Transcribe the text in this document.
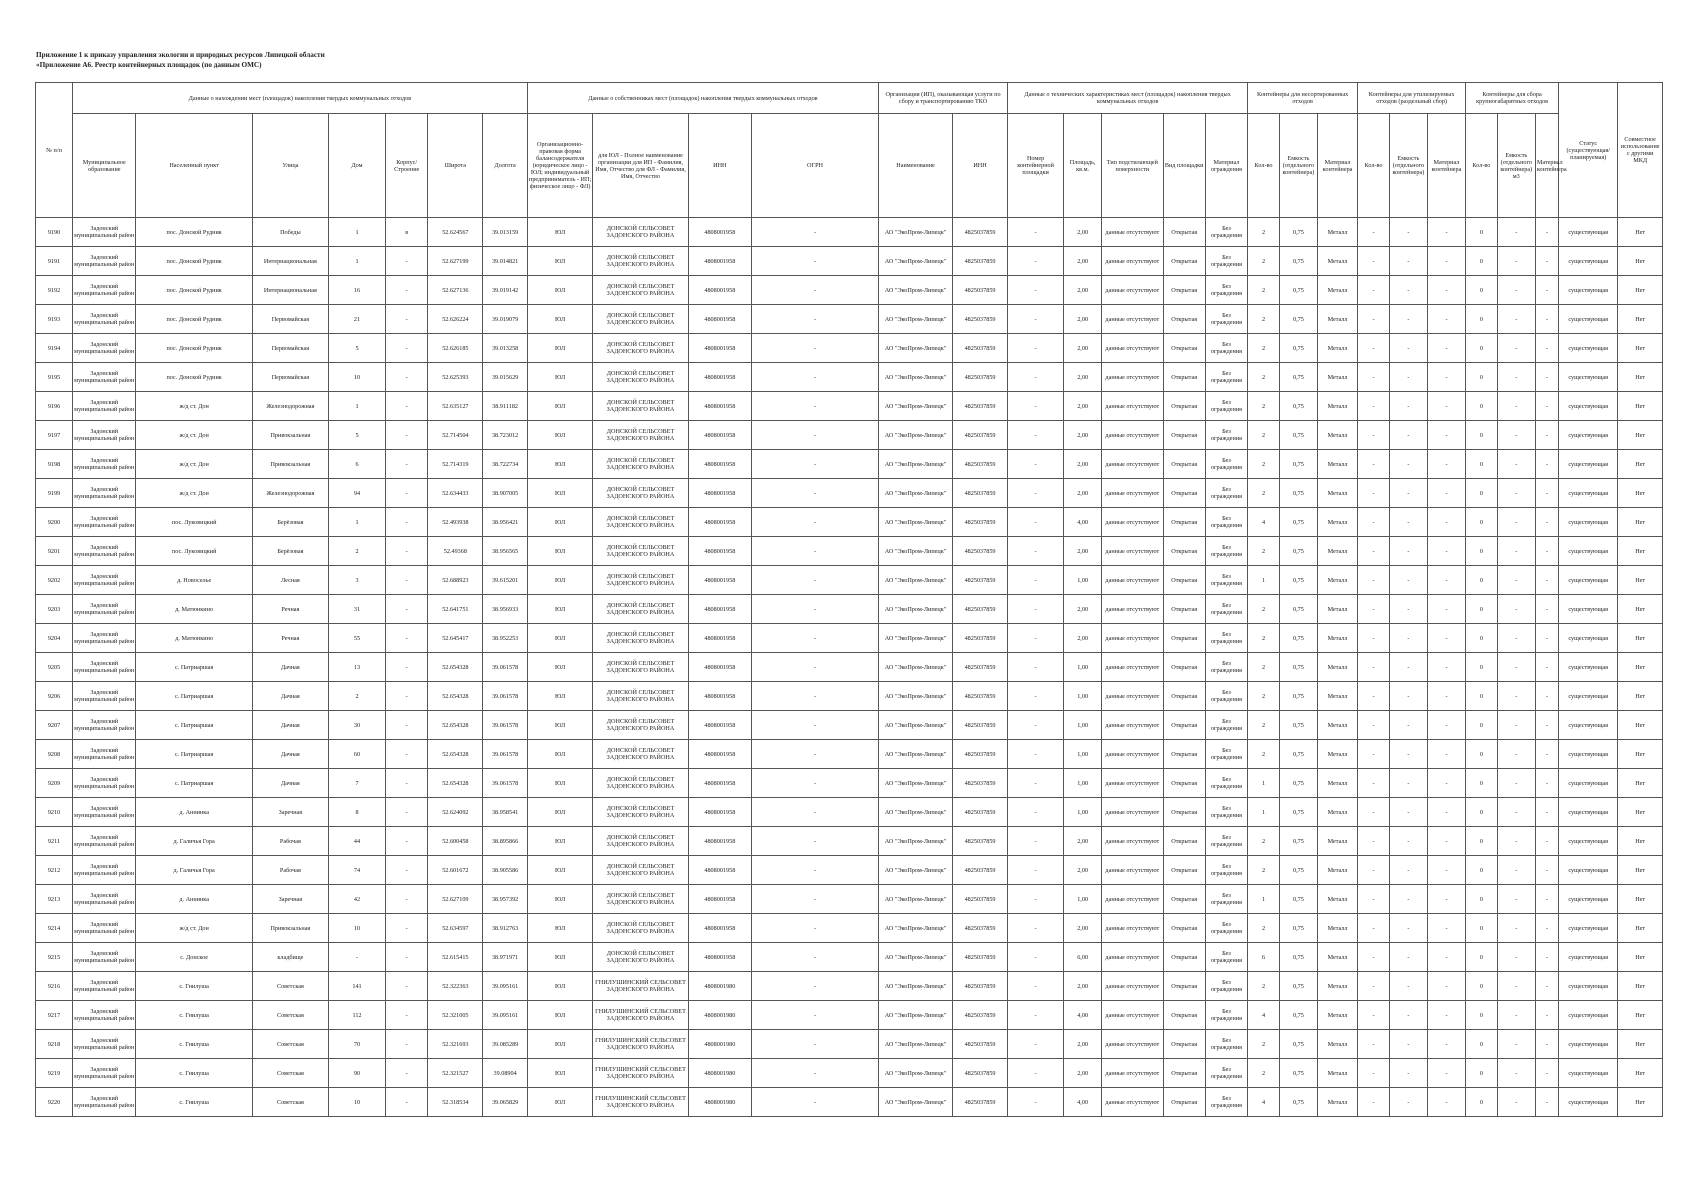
Приложение 1 к приказу управления экологии и природных ресурсов Липецкой области
«Приложение А6. Реестр контейнерных площадок (по данным ОМС)
№ п/п	Данные о нахождении мест (площадок) накопления твердых коммунальных отходов							Данные о собственниках мест (площадок) накопления твердых коммунальных отходов				Организация (ИП), оказывающая услуги по сбору и транспортированию ТКО		Данные о технических характеристиках мест (площадок) накопления твердых коммунальных отходов					Контейнеры для несортированных отходов			Контейнеры для утилизируемых отходов (раздельный сбор)			Контейнеры для сбора крупногабаритных отходов			Статус (существующая/ планируемая)	Совместное использование с другими МКД
	Муниципальное образование	Населенный пункт	Улица	Дом	Корпус/Строение	Широта	Долгота	Организационно-правовая форма балансодержателя (юридическое лицо - ЮЛ; индивидуальный предприниматель - ИП; физическое лицо - ФЛ)	для ЮЛ - Полное наименование организации для ИП - Фамилия, Имя, Отчество для ФЛ - Фамилия, Имя, Отчество	ИНН	ОГРН	Наименование	ИНН	Номер контейнерной площадки	Площадь, кв.м.	Тип подстилающей поверхности	Вид площадки	Материал ограждения	Кол-во	Емкость (отдельного контейнера)	Материал контейнера	Кол-во	Емкость (отдельного контейнера)	Материал контейнера	Кол-во	Емкость (отдельного контейнера) м3	Материал контейнера		
9190	Задонский муниципальный район	пос. Донской Рудник	Победы	1	в	52.624567	39.013159	ЮЛ	ДОНСКОЙ СЕЛЬСОВЕТ ЗАДОНСКОГО РАЙОНА	4808001958	-	АО "ЭкоПром-Липецк"	4825037859	-	2,00	данные отсутствуют	Открытая	Без ограждения	2	0,75	Металл	-	-	-	0	-	-	существующая	Нет
9191	Задонский муниципальный район	пос. Донской Рудник	Интернациональная	1	-	52.627199	39.014821	ЮЛ	ДОНСКОЙ СЕЛЬСОВЕТ ЗАДОНСКОГО РАЙОНА	4808001958	-	АО "ЭкоПром-Липецк"	4825037859	-	2,00	данные отсутствуют	Открытая	Без ограждения	2	0,75	Металл	-	-	-	0	-	-	существующая	Нет
9192	Задонский муниципальный район	пос. Донской Рудник	Интернациональная	16	-	52.627136	39.019142	ЮЛ	ДОНСКОЙ СЕЛЬСОВЕТ ЗАДОНСКОГО РАЙОНА	4808001958	-	АО "ЭкоПром-Липецк"	4825037859	-	2,00	данные отсутствуют	Открытая	Без ограждения	2	0,75	Металл	-	-	-	0	-	-	существующая	Нет
9193	Задонский муниципальный район	пос. Донской Рудник	Первомайская	21	-	52.626224	39.019079	ЮЛ	ДОНСКОЙ СЕЛЬСОВЕТ ЗАДОНСКОГО РАЙОНА	4808001958	-	АО "ЭкоПром-Липецк"	4825037859	-	2,00	данные отсутствуют	Открытая	Без ограждения	2	0,75	Металл	-	-	-	0	-	-	существующая	Нет
9194	Задонский муниципальный район	пос. Донской Рудник	Первомайская	5	-	52.626185	39.013258	ЮЛ	ДОНСКОЙ СЕЛЬСОВЕТ ЗАДОНСКОГО РАЙОНА	4808001958	-	АО "ЭкоПром-Липецк"	4825037859	-	2,00	данные отсутствуют	Открытая	Без ограждения	2	0,75	Металл	-	-	-	0	-	-	существующая	Нет
9195	Задонский муниципальный район	пос. Донской Рудник	Первомайская	10	-	52.625393	39.015629	ЮЛ	ДОНСКОЙ СЕЛЬСОВЕТ ЗАДОНСКОГО РАЙОНА	4808001958	-	АО "ЭкоПром-Липецк"	4825037859	-	2,00	данные отсутствуют	Открытая	Без ограждения	2	0,75	Металл	-	-	-	0	-	-	существующая	Нет
9196	Задонский муниципальный район	ж/д ст. Дон	Железнодорожная	1	-	52.635127	38.911182	ЮЛ	ДОНСКОЙ СЕЛЬСОВЕТ ЗАДОНСКОГО РАЙОНА	4808001958	-	АО "ЭкоПром-Липецк"	4825037859	-	2,00	данные отсутствуют	Открытая	Без ограждения	2	0,75	Металл	-	-	-	0	-	-	существующая	Нет
9197	Задонский муниципальный район	ж/д ст. Дон	Привокзальная	5	-	52.714504	38.723012	ЮЛ	ДОНСКОЙ СЕЛЬСОВЕТ ЗАДОНСКОГО РАЙОНА	4808001958	-	АО "ЭкоПром-Липецк"	4825037859	-	2,00	данные отсутствуют	Открытая	Без ограждения	2	0,75	Металл	-	-	-	0	-	-	существующая	Нет
9198	Задонский муниципальный район	ж/д ст. Дон	Привокзальная	6	-	52.714319	38.722734	ЮЛ	ДОНСКОЙ СЕЛЬСОВЕТ ЗАДОНСКОГО РАЙОНА	4808001958	-	АО "ЭкоПром-Липецк"	4825037859	-	2,00	данные отсутствуют	Открытая	Без ограждения	2	0,75	Металл	-	-	-	0	-	-	существующая	Нет
9199	Задонский муниципальный район	ж/д ст. Дон	Железнодорожная	94	-	52.634433	38.907005	ЮЛ	ДОНСКОЙ СЕЛЬСОВЕТ ЗАДОНСКОГО РАЙОНА	4808001958	-	АО "ЭкоПром-Липецк"	4825037859	-	2,00	данные отсутствуют	Открытая	Без ограждения	2	0,75	Металл	-	-	-	0	-	-	существующая	Нет
9200	Задонский муниципальный район	пос. Луковицкий	Берёзовая	1	-	52.493938	38.956421	ЮЛ	ДОНСКОЙ СЕЛЬСОВЕТ ЗАДОНСКОГО РАЙОНА	4808001958	-	АО "ЭкоПром-Липецк"	4825037859	-	4,00	данные отсутствуют	Открытая	Без ограждения	4	0,75	Металл	-	-	-	0	-	-	существующая	Нет
9201	Задонский муниципальный район	пос. Луковицкий	Берёзовая	2	-	52.49368	38.956565	ЮЛ	ДОНСКОЙ СЕЛЬСОВЕТ ЗАДОНСКОГО РАЙОНА	4808001958	-	АО "ЭкоПром-Липецк"	4825037859	-	2,00	данные отсутствуют	Открытая	Без ограждения	2	0,75	Металл	-	-	-	0	-	-	существующая	Нет
9202	Задонский муниципальный район	д. Новоселье	Лесная	3	-	52.688923	39.615201	ЮЛ	ДОНСКОЙ СЕЛЬСОВЕТ ЗАДОНСКОГО РАЙОНА	4808001958	-	АО "ЭкоПром-Липецк"	4825037859	-	1,00	данные отсутствуют	Открытая	Без ограждения	1	0,75	Металл	-	-	-	0	-	-	существующая	Нет
9203	Задонский муниципальный район	д. Матюнкино	Речная	31	-	52.641751	38.956933	ЮЛ	ДОНСКОЙ СЕЛЬСОВЕТ ЗАДОНСКОГО РАЙОНА	4808001958	-	АО "ЭкоПром-Липецк"	4825037859	-	2,00	данные отсутствуют	Открытая	Без ограждения	2	0,75	Металл	-	-	-	0	-	-	существующая	Нет
9204	Задонский муниципальный район	д. Матюнкино	Речная	55	-	52.645417	38.952253	ЮЛ	ДОНСКОЙ СЕЛЬСОВЕТ ЗАДОНСКОГО РАЙОНА	4808001958	-	АО "ЭкоПром-Липецк"	4825037859	-	2,00	данные отсутствуют	Открытая	Без ограждения	2	0,75	Металл	-	-	-	0	-	-	существующая	Нет
9205	Задонский муниципальный район	с. Патриаршая	Дачная	13	-	52.654328	39.061578	ЮЛ	ДОНСКОЙ СЕЛЬСОВЕТ ЗАДОНСКОГО РАЙОНА	4808001958	-	АО "ЭкоПром-Липецк"	4825037859	-	1,00	данные отсутствуют	Открытая	Без ограждения	2	0,75	Металл	-	-	-	0	-	-	существующая	Нет
9206	Задонский муниципальный район	с. Патриаршая	Дачная	2	-	52.654328	39.061578	ЮЛ	ДОНСКОЙ СЕЛЬСОВЕТ ЗАДОНСКОГО РАЙОНА	4808001958	-	АО "ЭкоПром-Липецк"	4825037859	-	1,00	данные отсутствуют	Открытая	Без ограждения	2	0,75	Металл	-	-	-	0	-	-	существующая	Нет
9207	Задонский муниципальный район	с. Патриаршая	Дачная	30	-	52.654328	39.061578	ЮЛ	ДОНСКОЙ СЕЛЬСОВЕТ ЗАДОНСКОГО РАЙОНА	4808001958	-	АО "ЭкоПром-Липецк"	4825037859	-	1,00	данные отсутствуют	Открытая	Без ограждения	2	0,75	Металл	-	-	-	0	-	-	существующая	Нет
9208	Задонский муниципальный район	с. Патриаршая	Дачная	60	-	52.654328	39.061578	ЮЛ	ДОНСКОЙ СЕЛЬСОВЕТ ЗАДОНСКОГО РАЙОНА	4808001958	-	АО "ЭкоПром-Липецк"	4825037859	-	1,00	данные отсутствуют	Открытая	Без ограждения	2	0,75	Металл	-	-	-	0	-	-	существующая	Нет
9209	Задонский муниципальный район	с. Патриаршая	Дачная	7	-	52.654328	39.061578	ЮЛ	ДОНСКОЙ СЕЛЬСОВЕТ ЗАДОНСКОГО РАЙОНА	4808001958	-	АО "ЭкоПром-Липецк"	4825037859	-	1,00	данные отсутствуют	Открытая	Без ограждения	1	0,75	Металл	-	-	-	0	-	-	существующая	Нет
9210	Задонский муниципальный район	д. Аннинка	Заречная	8	-	52.624092	38.958541	ЮЛ	ДОНСКОЙ СЕЛЬСОВЕТ ЗАДОНСКОГО РАЙОНА	4808001958	-	АО "ЭкоПром-Липецк"	4825037859	-	1,00	данные отсутствуют	Открытая	Без ограждения	1	0,75	Металл	-	-	-	0	-	-	существующая	Нет
9211	Задонский муниципальный район	д. Галичья Гора	Рабочая	44	-	52.600458	38.895866	ЮЛ	ДОНСКОЙ СЕЛЬСОВЕТ ЗАДОНСКОГО РАЙОНА	4808001958	-	АО "ЭкоПром-Липецк"	4825037859	-	2,00	данные отсутствуют	Открытая	Без ограждения	2	0,75	Металл	-	-	-	0	-	-	существующая	Нет
9212	Задонский муниципальный район	д. Галичья Гора	Рабочая	74	-	52.601672	38.905586	ЮЛ	ДОНСКОЙ СЕЛЬСОВЕТ ЗАДОНСКОГО РАЙОНА	4808001958	-	АО "ЭкоПром-Липецк"	4825037859	-	2,00	данные отсутствуют	Открытая	Без ограждения	2	0,75	Металл	-	-	-	0	-	-	существующая	Нет
9213	Задонский муниципальный район	д. Аннинка	Заречная	42	-	52.627109	38.957392	ЮЛ	ДОНСКОЙ СЕЛЬСОВЕТ ЗАДОНСКОГО РАЙОНА	4808001958	-	АО "ЭкоПром-Липецк"	4825037859	-	1,00	данные отсутствуют	Открытая	Без ограждения	1	0,75	Металл	-	-	-	0	-	-	существующая	Нет
9214	Задонский муниципальный район	ж/д ст. Дон	Привокзальная	10	-	52.634597	38.912763	ЮЛ	ДОНСКОЙ СЕЛЬСОВЕТ ЗАДОНСКОГО РАЙОНА	4808001958	-	АО "ЭкоПром-Липецк"	4825037859	-	2,00	данные отсутствуют	Открытая	Без ограждения	2	0,75	Металл	-	-	-	0	-	-	существующая	Нет
9215	Задонский муниципальный район	с. Донское	кладбище	-	-	52.615415	38.971971	ЮЛ	ДОНСКОЙ СЕЛЬСОВЕТ ЗАДОНСКОГО РАЙОНА	4808001958	-	АО "ЭкоПром-Липецк"	4825037859	-	6,00	данные отсутствуют	Открытая	Без ограждения	6	0,75	Металл	-	-	-	0	-	-	существующая	Нет
9216	Задонский муниципальный район	с. Гнилуша	Советская	141	-	52.322363	39.095161	ЮЛ	ГНИЛУШИНСКИЙ СЕЛЬСОВЕТ ЗАДОНСКОГО РАЙОНА	4808001980	-	АО "ЭкоПром-Липецк"	4825037859	-	2,00	данные отсутствуют	Открытая	Без ограждения	2	0,75	Металл	-	-	-	0	-	-	существующая	Нет
9217	Задонский муниципальный район	с. Гнилуша	Советская	112	-	52.321005	39.095161	ЮЛ	ГНИЛУШИНСКИЙ СЕЛЬСОВЕТ ЗАДОНСКОГО РАЙОНА	4808001980	-	АО "ЭкоПром-Липецк"	4825037859	-	4,00	данные отсутствуют	Открытая	Без ограждения	4	0,75	Металл	-	-	-	0	-	-	существующая	Нет
9218	Задонский муниципальный район	с. Гнилуша	Советская	70	-	52.321693	39.085289	ЮЛ	ГНИЛУШИНСКИЙ СЕЛЬСОВЕТ ЗАДОНСКОГО РАЙОНА	4808001980	-	АО "ЭкоПром-Липецк"	4825037859	-	2,00	данные отсутствуют	Открытая	Без ограждения	2	0,75	Металл	-	-	-	0	-	-	существующая	Нет
9219	Задонский муниципальный район	с. Гнилуша	Советская	90	-	52.321527	39.08904	ЮЛ	ГНИЛУШИНСКИЙ СЕЛЬСОВЕТ ЗАДОНСКОГО РАЙОНА	4808001980	-	АО "ЭкоПром-Липецк"	4825037859	-	2,00	данные отсутствуют	Открытая	Без ограждения	2	0,75	Металл	-	-	-	0	-	-	существующая	Нет
9220	Задонский муниципальный район	с. Гнилуша	Советская	10	-	52.318534	39.065829	ЮЛ	ГНИЛУШИНСКИЙ СЕЛЬСОВЕТ ЗАДОНСКОГО РАЙОНА	4808001980	-	АО "ЭкоПром-Липецк"	4825037859	-	4,00	данные отсутствуют	Открытая	Без ограждения	4	0,75	Металл	-	-	-	0	-	-	существующая	Нет
